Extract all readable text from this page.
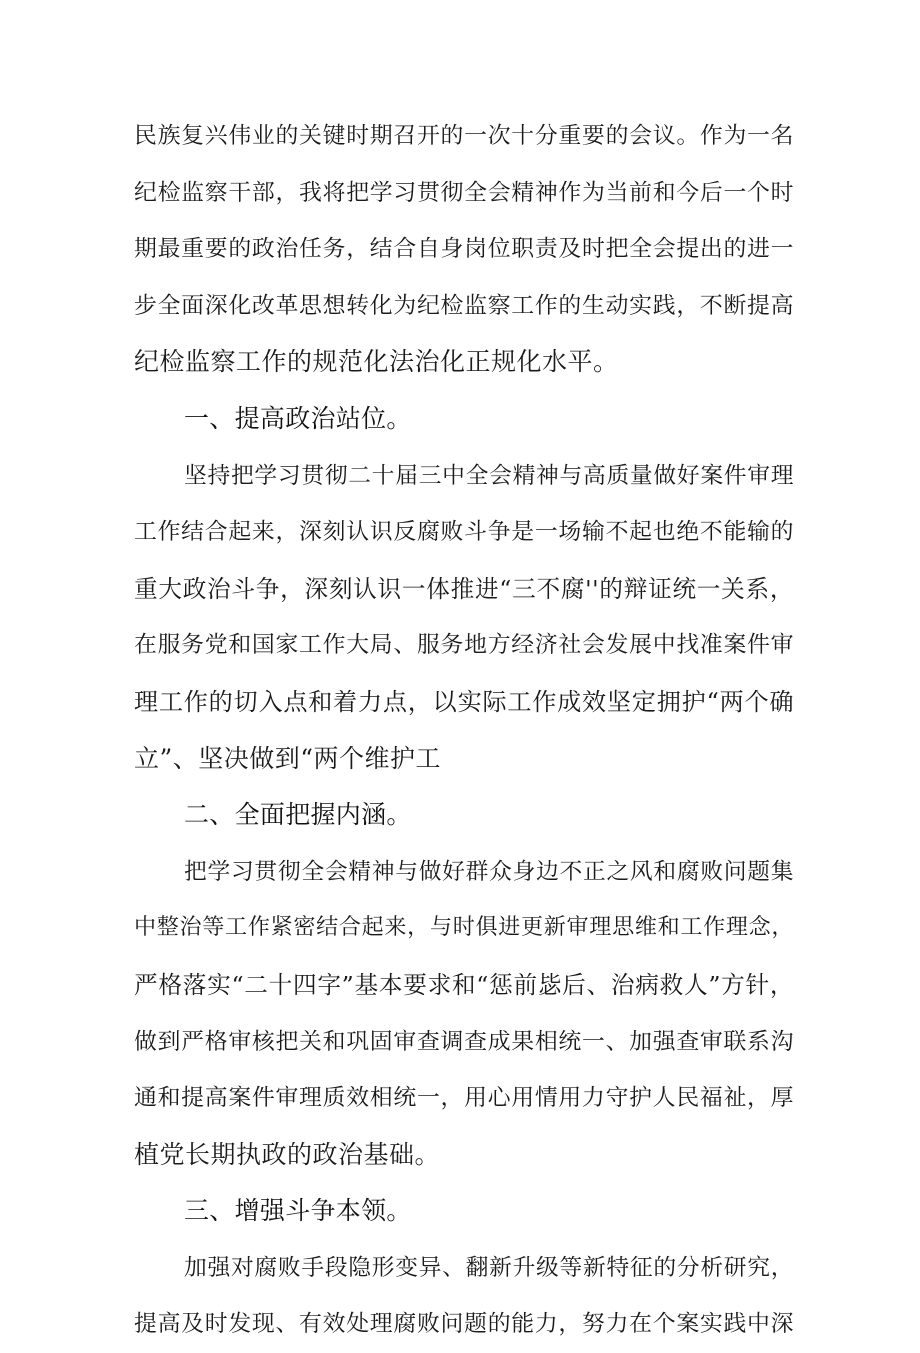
民族复兴伟业的关键时期召开的一次十分重要的会议。作为一名
纪检监察干部，我将把学习贯彻全会精神作为当前和今后一个时
期最重要的政治任务，结合自身岗位职责及时把全会提出的进一
步全面深化改革思想转化为纪检监察工作的生动实践，不断提高
纪检监察工作的规范化法治化正规化水平。
一、提高政治站位。
坚持把学习贯彻二十届三中全会精神与高质量做好案件审理
工作结合起来，深刻认识反腐败斗争是一场输不起也绝不能输的
重大政治斗争，深刻认识一体推进“三不腐''的辩证统一关系，
在服务党和国家工作大局、服务地方经济社会发展中找准案件审
理工作的切入点和着力点，以实际工作成效坚定拥护“两个确
立”、坚决做到“两个维护工
二、全面把握内涵。
把学习贯彻全会精神与做好群众身边不正之风和腐败问题集
中整治等工作紧密结合起来，与时俱进更新审理思维和工作理念，
严格落实“二十四字”基本要求和“惩前毖后、治病救人”方针，
做到严格审核把关和巩固审查调查成果相统一、加强查审联系沟
通和提高案件审理质效相统一，用心用情用力守护人民福祉，厚
植党长期执政的政治基础。
三、增强斗争本领。
加强对腐败手段隐形变异、翻新升级等新特征的分析研究，
提高及时发现、有效处理腐败问题的能力，努力在个案实践中深
